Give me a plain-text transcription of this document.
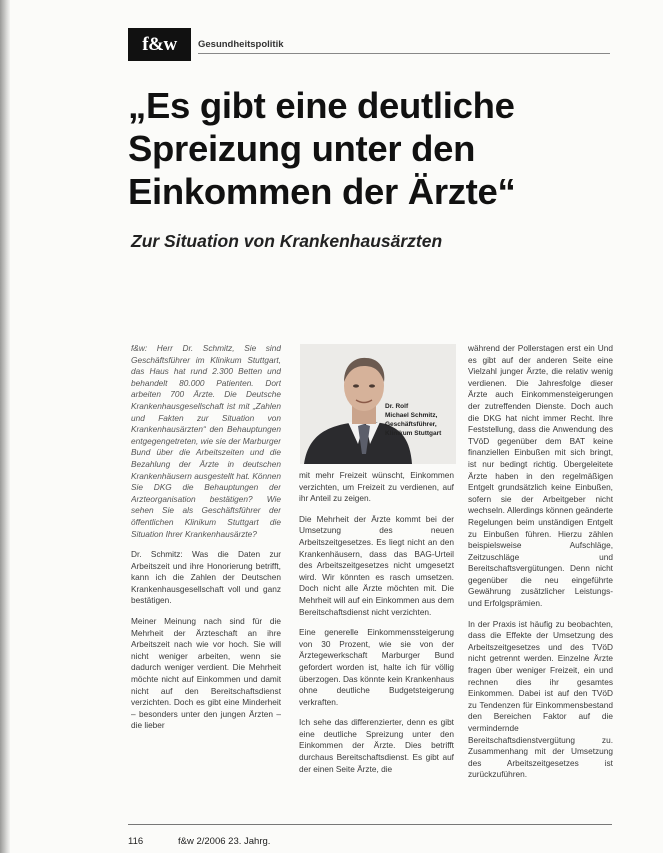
f&w	Gesundheitspolitik
„Es gibt eine deutliche
Spreizung unter den
Einkommen der Ärzte“
Zur Situation von Krankenhausärzten

f&w: Herr Dr. Schmitz, Sie sind Geschäftsführer im Klinikum Stuttgart, das Haus hat rund 2.300 Betten und behandelt 80.000 Patienten. Dort arbeiten 700 Ärzte. Die Deutsche Krankenhausgesellschaft ist mit „Zahlen und Fakten zur Situation von Krankenhausärzten“ den Behauptungen entgegengetreten, wie sie der Marburger Bund über die Arbeitszeiten und die Bezahlung der Ärzte in deutschen Krankenhäusern ausgestellt hat. Können Sie DKG die Behauptungen der Arzteorganisation bestätigen? Wie sehen Sie als Geschäftsführer der öffentlichen Klinikum Stuttgart die Situation Ihrer Krankenhausärzte?

Dr. Schmitz: Was die Daten zur Arbeitszeit und ihre Honorierung betrifft, kann ich die Zahlen der Deutschen Krankenhausgesellschaft voll und ganz bestätigen.

Meiner Meinung nach sind für die Mehrheit der Ärzteschaft an ihre Arbeitszeit nach wie vor hoch. Sie will nicht weniger arbeiten, wenn sie dadurch weniger verdient. Die Mehrheit möchte nicht auf Einkommen und damit nicht auf den Bereitschaftsdienst verzichten. Doch es gibt eine Minderheit – besonders unter den jungen Ärzten – die lieber

Dr. Rolf
Michael Schmitz,
Geschäftsführer,
Klinikum Stuttgart

mit mehr Freizeit wünscht, Einkommen verzichten, um Freizeit zu verdienen, auf ihr Anteil zu zeigen.

Die Mehrheit der Ärzte kommt bei der Umsetzung des neuen Arbeitszeitgesetzes. Es liegt nicht an den Krankenhäusern, dass das BAG-Urteil des Arbeitszeitgesetzes nicht umgesetzt wird. Wir könnten es rasch umsetzen. Doch nicht alle Ärzte möchten mit. Die Mehrheit will auf ein Einkommen aus dem Bereitschaftsdienst nicht verzichten.

Eine generelle Einkommenssteigerung von 30 Prozent, wie sie von der Ärztegewerkschaft Marburger Bund gefordert worden ist, halte ich für völlig überzogen. Das könnte kein Krankenhaus ohne deutliche Budgetsteigerung verkraften.

Ich sehe das differenzierter, denn es gibt eine deutliche Spreizung unter den Einkommen der Ärzte. Dies betrifft durchaus Bereitschaftsdienst. Es gibt auf der einen Seite Ärzte, die

während der Pollerstagen erst ein Und es gibt auf der anderen Seite eine Vielzahl junger Ärzte, die relativ wenig verdienen. Die Jahresfolge dieser Ärzte auch Einkommensteigerungen der zutreffenden Dienste. Doch auch die DKG hat nicht immer Recht. Ihre Feststellung, dass die Anwendung des TVöD gegenüber dem BAT keine finanziellen Einbußen mit sich bringt, ist nur bedingt richtig. Übergeleitete Ärzte haben in den regelmäßigen Entgelt grundsätzlich keine Einbußen, sofern sie der Arbeitgeber nicht wechseln. Allerdings können geänderte Regelungen beim unständigen Entgelt zu Einbußen führen. Hierzu zählen beispielsweise Aufschläge, Zeitzuschläge und Bereitschaftsvergütungen. Denn nicht gegenüber die neu eingeführte Gewährung zusätzlicher Leistungs- und Erfolgsprämien.

In der Praxis ist häufig zu beobachten, dass die Effekte der Umsetzung des Arbeitszeitgesetzes und des TVöD nicht getrennt werden. Einzelne Ärzte fragen über weniger Freizeit, ein und rechnen dies ihr gesamtes Einkommen. Dabei ist auf den TVöD zu Tendenzen für Einkommensbestand den Bereichen Faktor auf die vermindernde Bereitschaftsdienstvergütung zu. Zusammenhang mit der Umsetzung des Arbeitszeitgesetzes ist zurückzuführen.

116	f&w 2/2006 23. Jahrg.
